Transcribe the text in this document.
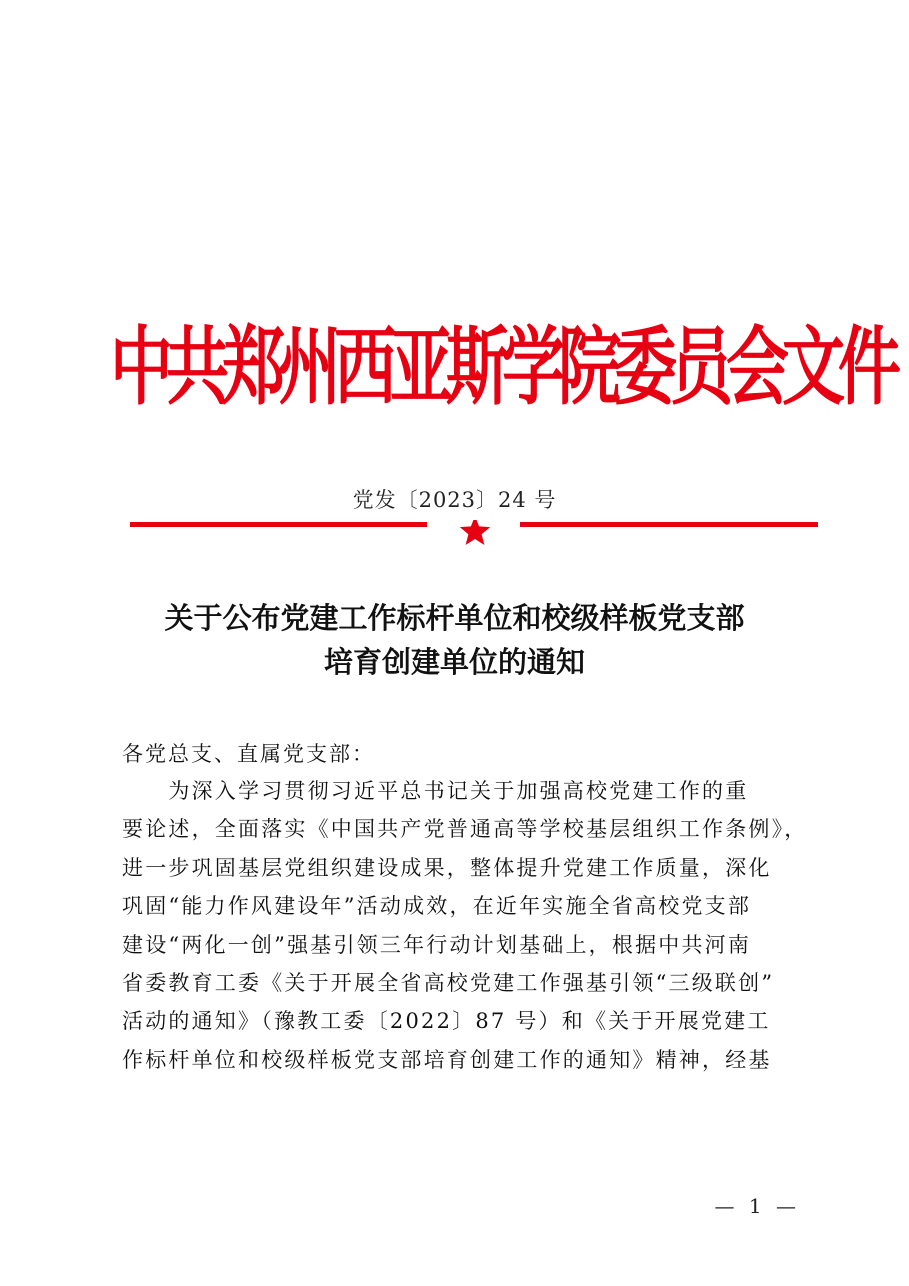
中共郑州西亚斯学院委员会文件
党发〔2023〕24 号
关于公布党建工作标杆单位和校级样板党支部
培育创建单位的通知
各党总支、直属党支部：
　　为深入学习贯彻习近平总书记关于加强高校党建工作的重
要论述，全面落实《中国共产党普通高等学校基层组织工作条例》，
进一步巩固基层党组织建设成果，整体提升党建工作质量，深化
巩固“能力作风建设年”活动成效，在近年实施全省高校党支部
建设“两化一创”强基引领三年行动计划基础上，根据中共河南
省委教育工委《关于开展全省高校党建工作强基引领“三级联创”
活动的通知》（豫教工委〔2022〕87 号）和《关于开展党建工
作标杆单位和校级样板党支部培育创建工作的通知》精神，经基
— 1 —
